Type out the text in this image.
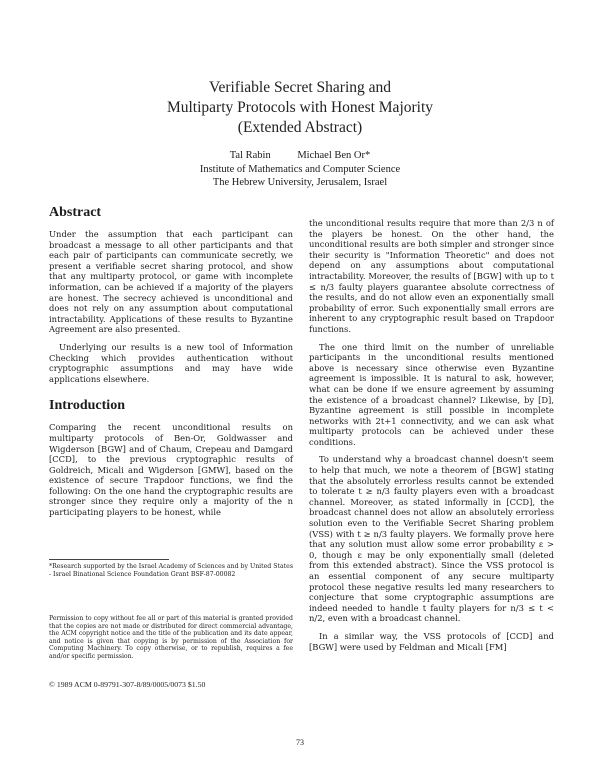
Verifiable Secret Sharing and
Multiparty Protocols with Honest Majority
(Extended Abstract)
Tal Rabin	Michael Ben Or*
Institute of Mathematics and Computer Science
The Hebrew University, Jerusalem, Israel
Abstract

Under the assumption that each participant can broadcast a message to all other participants and that each pair of participants can communicate secretly, we present a verifiable secret sharing protocol, and show that any multiparty protocol, or game with incomplete information, can be achieved if a majority of the players are honest. The secrecy achieved is unconditional and does not rely on any assumption about computational intractability. Applications of these results to Byzantine Agreement are also presented.

Underlying our results is a new tool of Information Checking which provides authentication without cryptographic assumptions and may have wide applications elsewhere.

Introduction

Comparing the recent unconditional results on multiparty protocols of Ben-Or, Goldwasser and Wigderson [BGW] and of Chaum, Crepeau and Damgard [CCD], to the previous cryptographic results of Goldreich, Micali and Wigderson [GMW], based on the existence of secure Trapdoor functions, we find the following: On the one hand the cryptographic results are stronger since they require only a majority of the n participating players to be honest, while

*Research supported by the Israel Academy of Sciences and by United States - Israel Binational Science Foundation Grant BSF-87-00082

Permission to copy without fee all or part of this material is granted provided that the copies are not made or distributed for direct commercial advantage, the ACM copyright notice and the title of the publication and its date appear, and notice is given that copying is by permission of the Association for Computing Machinery. To copy otherwise, or to republish, requires a fee and/or specific permission.

© 1989 ACM 0-89791-307-8/89/0005/0073 $1.50

the unconditional results require that more than 2/3 n of the players be honest. On the other hand, the unconditional results are both simpler and stronger since their security is "Information Theoretic" and does not depend on any assumptions about computational intractability. Moreover, the results of [BGW] with up to t ≤ n/3 faulty players guarantee absolute correctness of the results, and do not allow even an exponentially small probability of error. Such exponentially small errors are inherent to any cryptographic result based on Trapdoor functions.

The one third limit on the number of unreliable participants in the unconditional results mentioned above is necessary since otherwise even Byzantine agreement is impossible. It is natural to ask, however, what can be done if we ensure agreement by assuming the existence of a broadcast channel? Likewise, by [D], Byzantine agreement is still possible in incomplete networks with 2t+1 connectivity, and we can ask what multiparty protocols can be achieved under these conditions.

To understand why a broadcast channel doesn't seem to help that much, we note a theorem of [BGW] stating that the absolutely errorless results cannot be extended to tolerate t ≥ n/3 faulty players even with a broadcast channel. Moreover, as stated informally in [CCD], the broadcast channel does not allow an absolutely errorless solution even to the Verifiable Secret Sharing problem (VSS) with t ≥ n/3 faulty players. We formally prove here that any solution must allow some error probability ε > 0, though ε may be only exponentially small (deleted from this extended abstract). Since the VSS protocol is an essential component of any secure multiparty protocol these negative results led many researchers to conjecture that some cryptographic assumptions are indeed needed to handle t faulty players for n/3 ≤ t < n/2, even with a broadcast channel.

In a similar way, the VSS protocols of [CCD] and [BGW] were used by Feldman and Micali [FM]

73
